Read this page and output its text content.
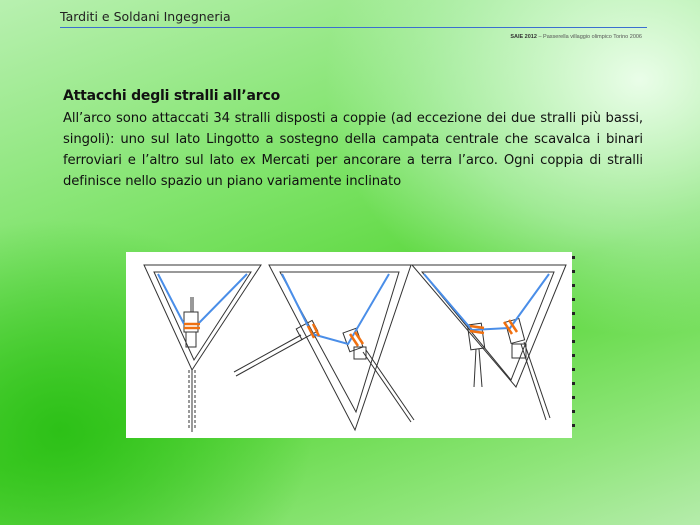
Tarditi e Soldani Ingegneria
SAIE 2012 – Passerella villaggio olimpico Torino 2006
Attacchi degli stralli all’arco
All’arco sono attaccati 34 stralli disposti a coppie (ad eccezione dei due stralli più bassi, singoli): uno sul lato Lingotto a sostegno della campata centrale che scavalca i binari ferroviari e l’altro sul lato ex Mercati per ancorare a terra l’arco. Ogni coppia di stralli definisce nello spazio un piano variamente inclinato
